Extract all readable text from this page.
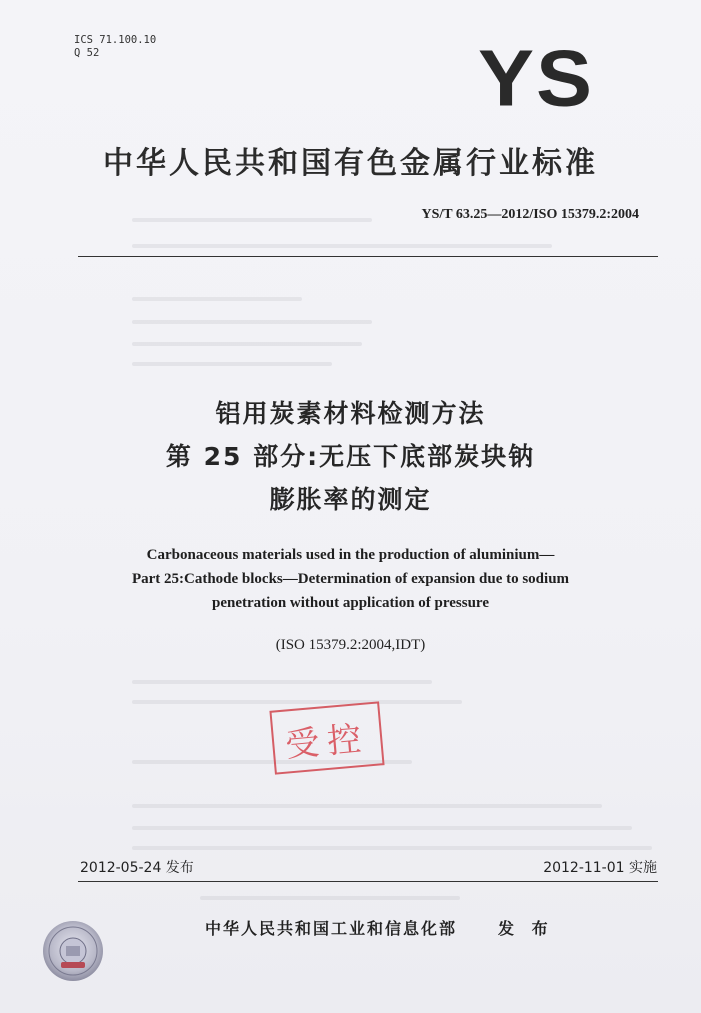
ICS 71.100.10
Q 52	YS
中华人民共和国有色金属行业标准
YS/T 63.25—2012/ISO 15379.2:2004
铝用炭素材料检测方法
第 25 部分:无压下底部炭块钠
膨胀率的测定
Carbonaceous materials used in the production of aluminium—
Part 25:Cathode blocks—Determination of expansion due to sodium
penetration without application of pressure
(ISO 15379.2:2004,IDT)
受控
2012-05-24 发布	2012-11-01 实施
中华人民共和国工业和信息化部	发 布
